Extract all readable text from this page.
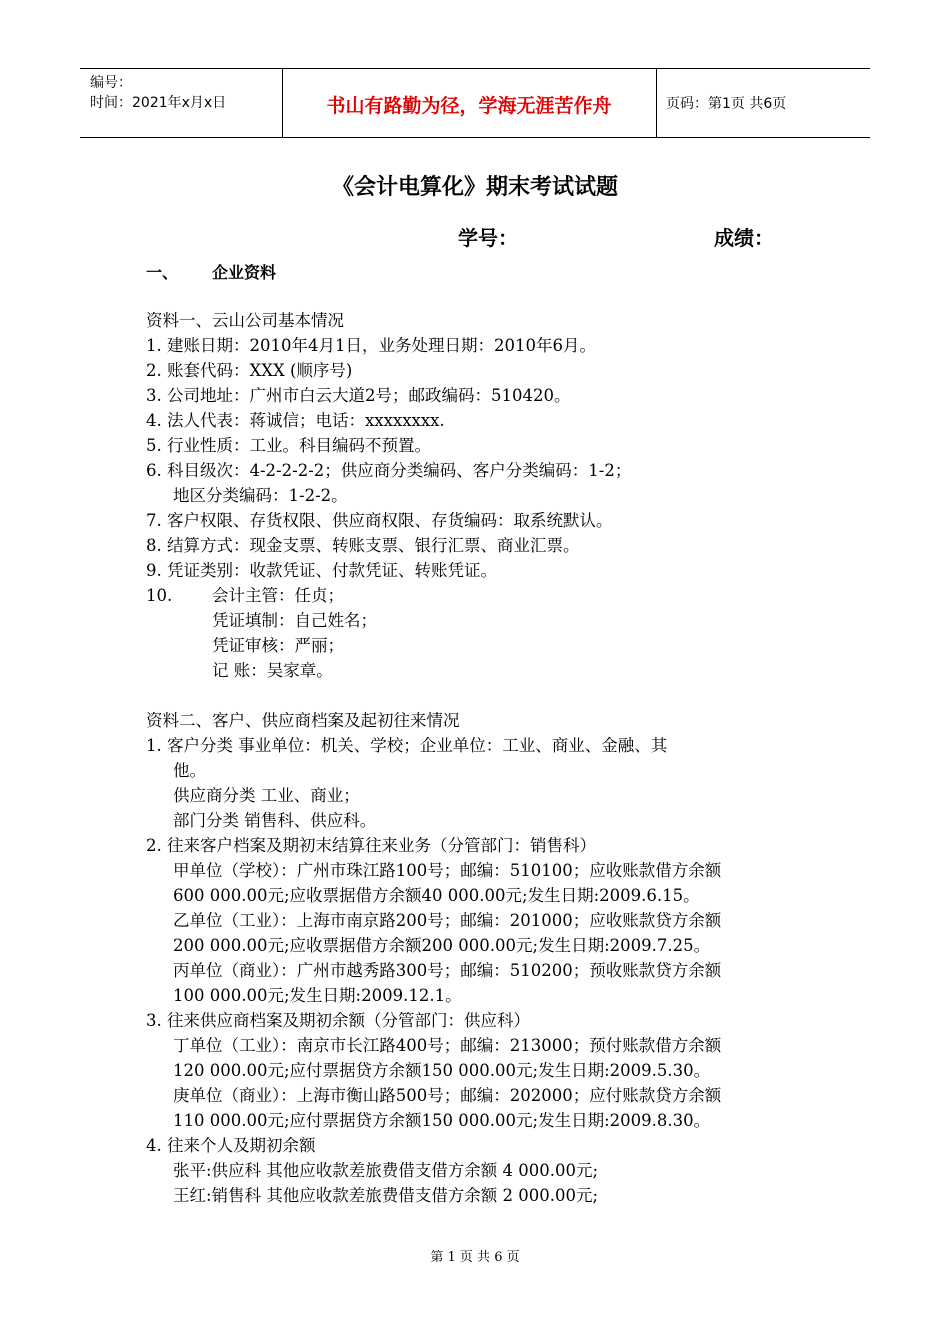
编号：
时间：2021年x月x日	书山有路勤为径，学海无涯苦作舟	页码：第1页 共6页
《会计电算化》期末考试试题
学号：	成绩：
一、 企业资料
资料一、云山公司基本情况
1. 建账日期：2010年4月1日，业务处理日期：2010年6月。
2. 账套代码：XXX (顺序号)
3. 公司地址：广州市白云大道2号；邮政编码：510420。
4. 法人代表：蒋诚信；电话：xxxxxxxx.
5. 行业性质：工业。科目编码不预置。
6. 科目级次：4-2-2-2-2；供应商分类编码、客户分类编码：1-2；
地区分类编码：1-2-2。
7. 客户权限、存货权限、供应商权限、存货编码：取系统默认。
8. 结算方式：现金支票、转账支票、银行汇票、商业汇票。
9. 凭证类别：收款凭证、付款凭证、转账凭证。
10. 会计主管：任贞；
凭证填制：自己姓名；
凭证审核：严丽；
记 账：吴家章。
资料二、客户、供应商档案及起初往来情况
1. 客户分类 事业单位：机关、学校；企业单位：工业、商业、金融、其
他。
供应商分类 工业、商业；
部门分类 销售科、供应科。
2. 往来客户档案及期初末结算往来业务（分管部门：销售科）
甲单位（学校）：广州市珠江路100号；邮编：510100；应收账款借方余额
600 000.00元;应收票据借方余额40 000.00元;发生日期:2009.6.15。
乙单位（工业）：上海市南京路200号；邮编：201000；应收账款贷方余额
200 000.00元;应收票据借方余额200 000.00元;发生日期:2009.7.25。
丙单位（商业）：广州市越秀路300号；邮编：510200；预收账款贷方余额
100 000.00元;发生日期:2009.12.1。
3. 往来供应商档案及期初余额（分管部门：供应科）
丁单位（工业）：南京市长江路400号；邮编：213000；预付账款借方余额
120 000.00元;应付票据贷方余额150 000.00元;发生日期:2009.5.30。
庚单位（商业）：上海市衡山路500号；邮编：202000；应付账款贷方余额
110 000.00元;应付票据贷方余额150 000.00元;发生日期:2009.8.30。
4. 往来个人及期初余额
张平:供应科 其他应收款差旅费借支借方余额 4 000.00元;
王红:销售科 其他应收款差旅费借支借方余额 2 000.00元;
第 1 页 共 6 页
